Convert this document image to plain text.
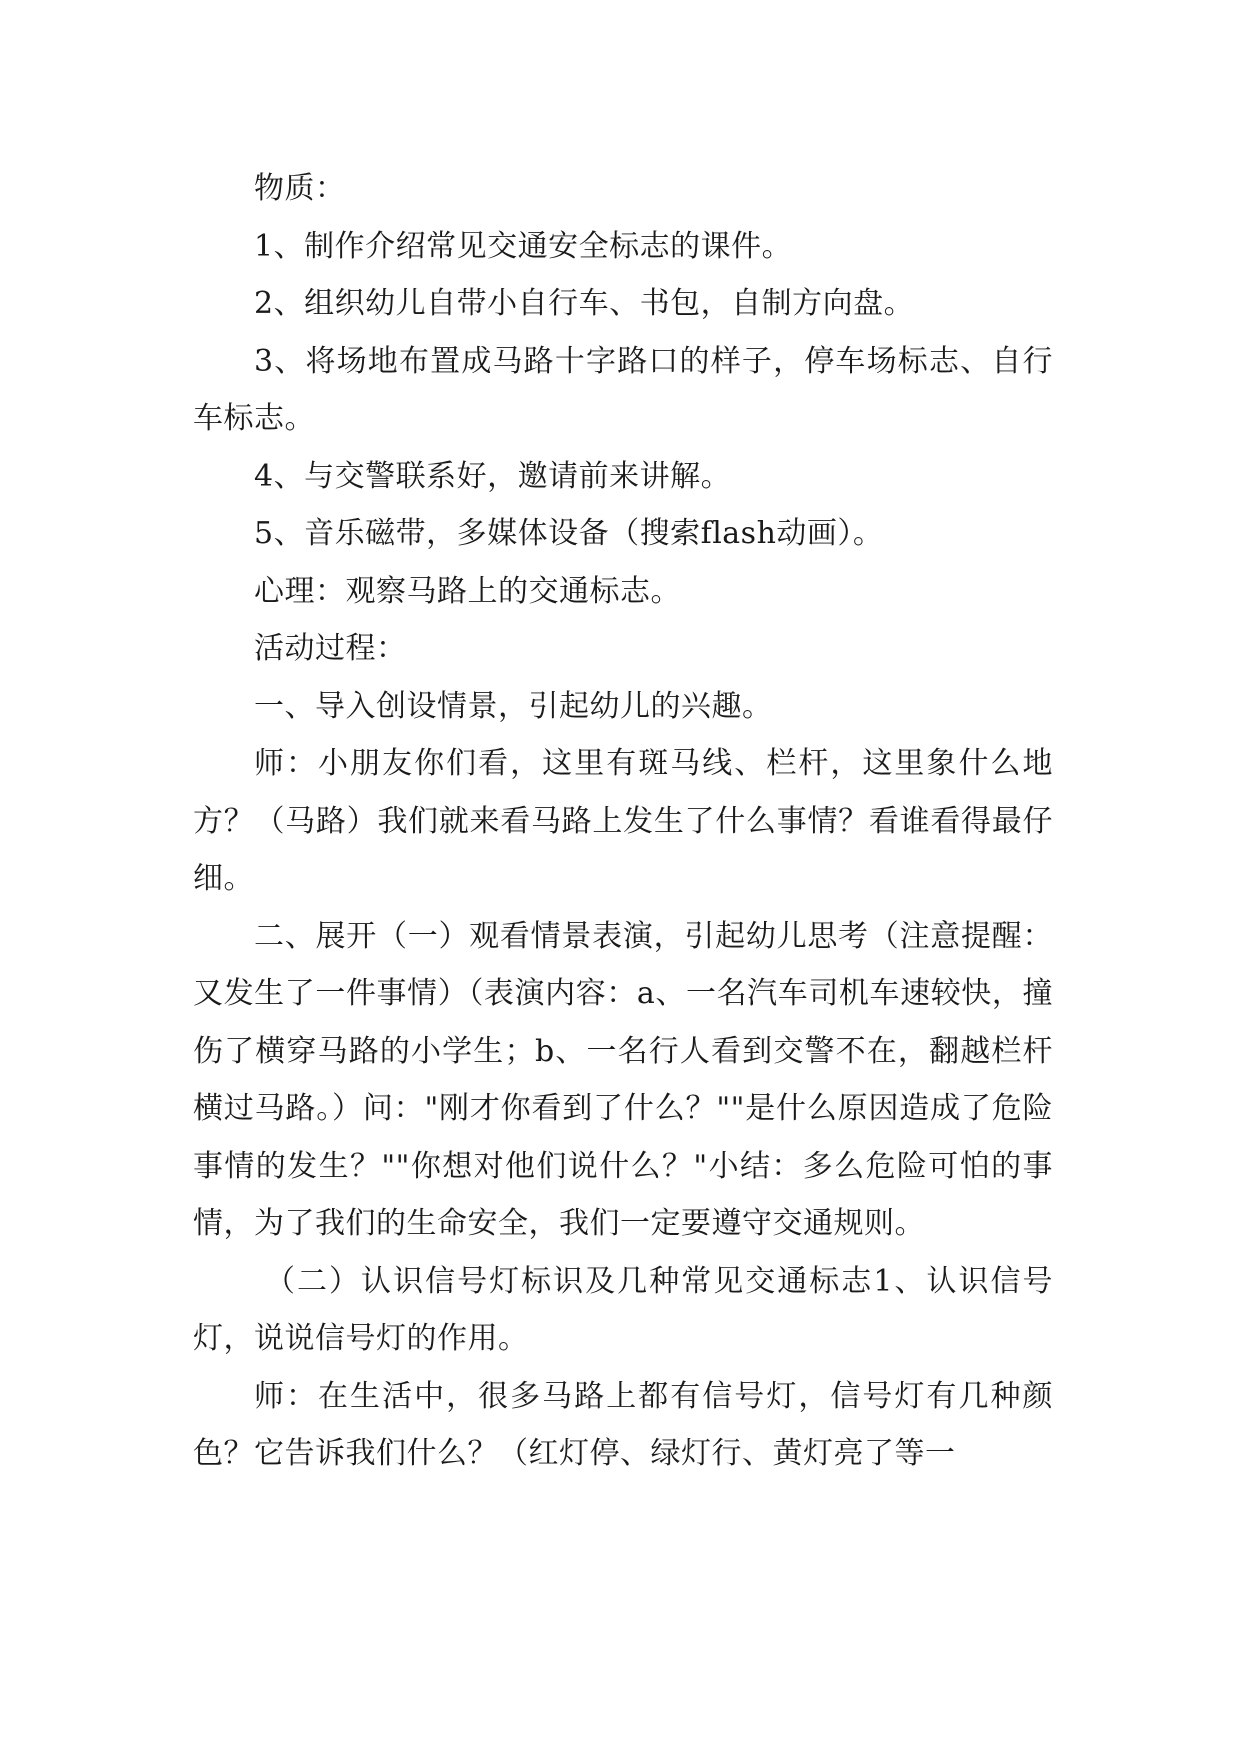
物质：

1、制作介绍常见交通安全标志的课件。

2、组织幼儿自带小自行车、书包，自制方向盘。

3、将场地布置成马路十字路口的样子，停车场标志、自行车标志。

4、与交警联系好，邀请前来讲解。

5、音乐磁带，多媒体设备（搜索flash动画）。

心理：观察马路上的交通标志。

活动过程：

一、导入创设情景，引起幼儿的兴趣。

师：小朋友你们看，这里有斑马线、栏杆，这里象什么地方？（马路）我们就来看马路上发生了什么事情？看谁看得最仔细。

二、展开（一）观看情景表演，引起幼儿思考（注意提醒：又发生了一件事情）（表演内容：a、一名汽车司机车速较快，撞伤了横穿马路的小学生；b、一名行人看到交警不在，翻越栏杆横过马路。）问："刚才你看到了什么？""是什么原因造成了危险事情的发生？""你想对他们说什么？"小结：多么危险可怕的事情，为了我们的生命安全，我们一定要遵守交通规则。

（二）认识信号灯标识及几种常见交通标志1、认识信号灯，说说信号灯的作用。

师：在生活中，很多马路上都有信号灯，信号灯有几种颜色？它告诉我们什么？（红灯停、绿灯行、黄灯亮了等一
